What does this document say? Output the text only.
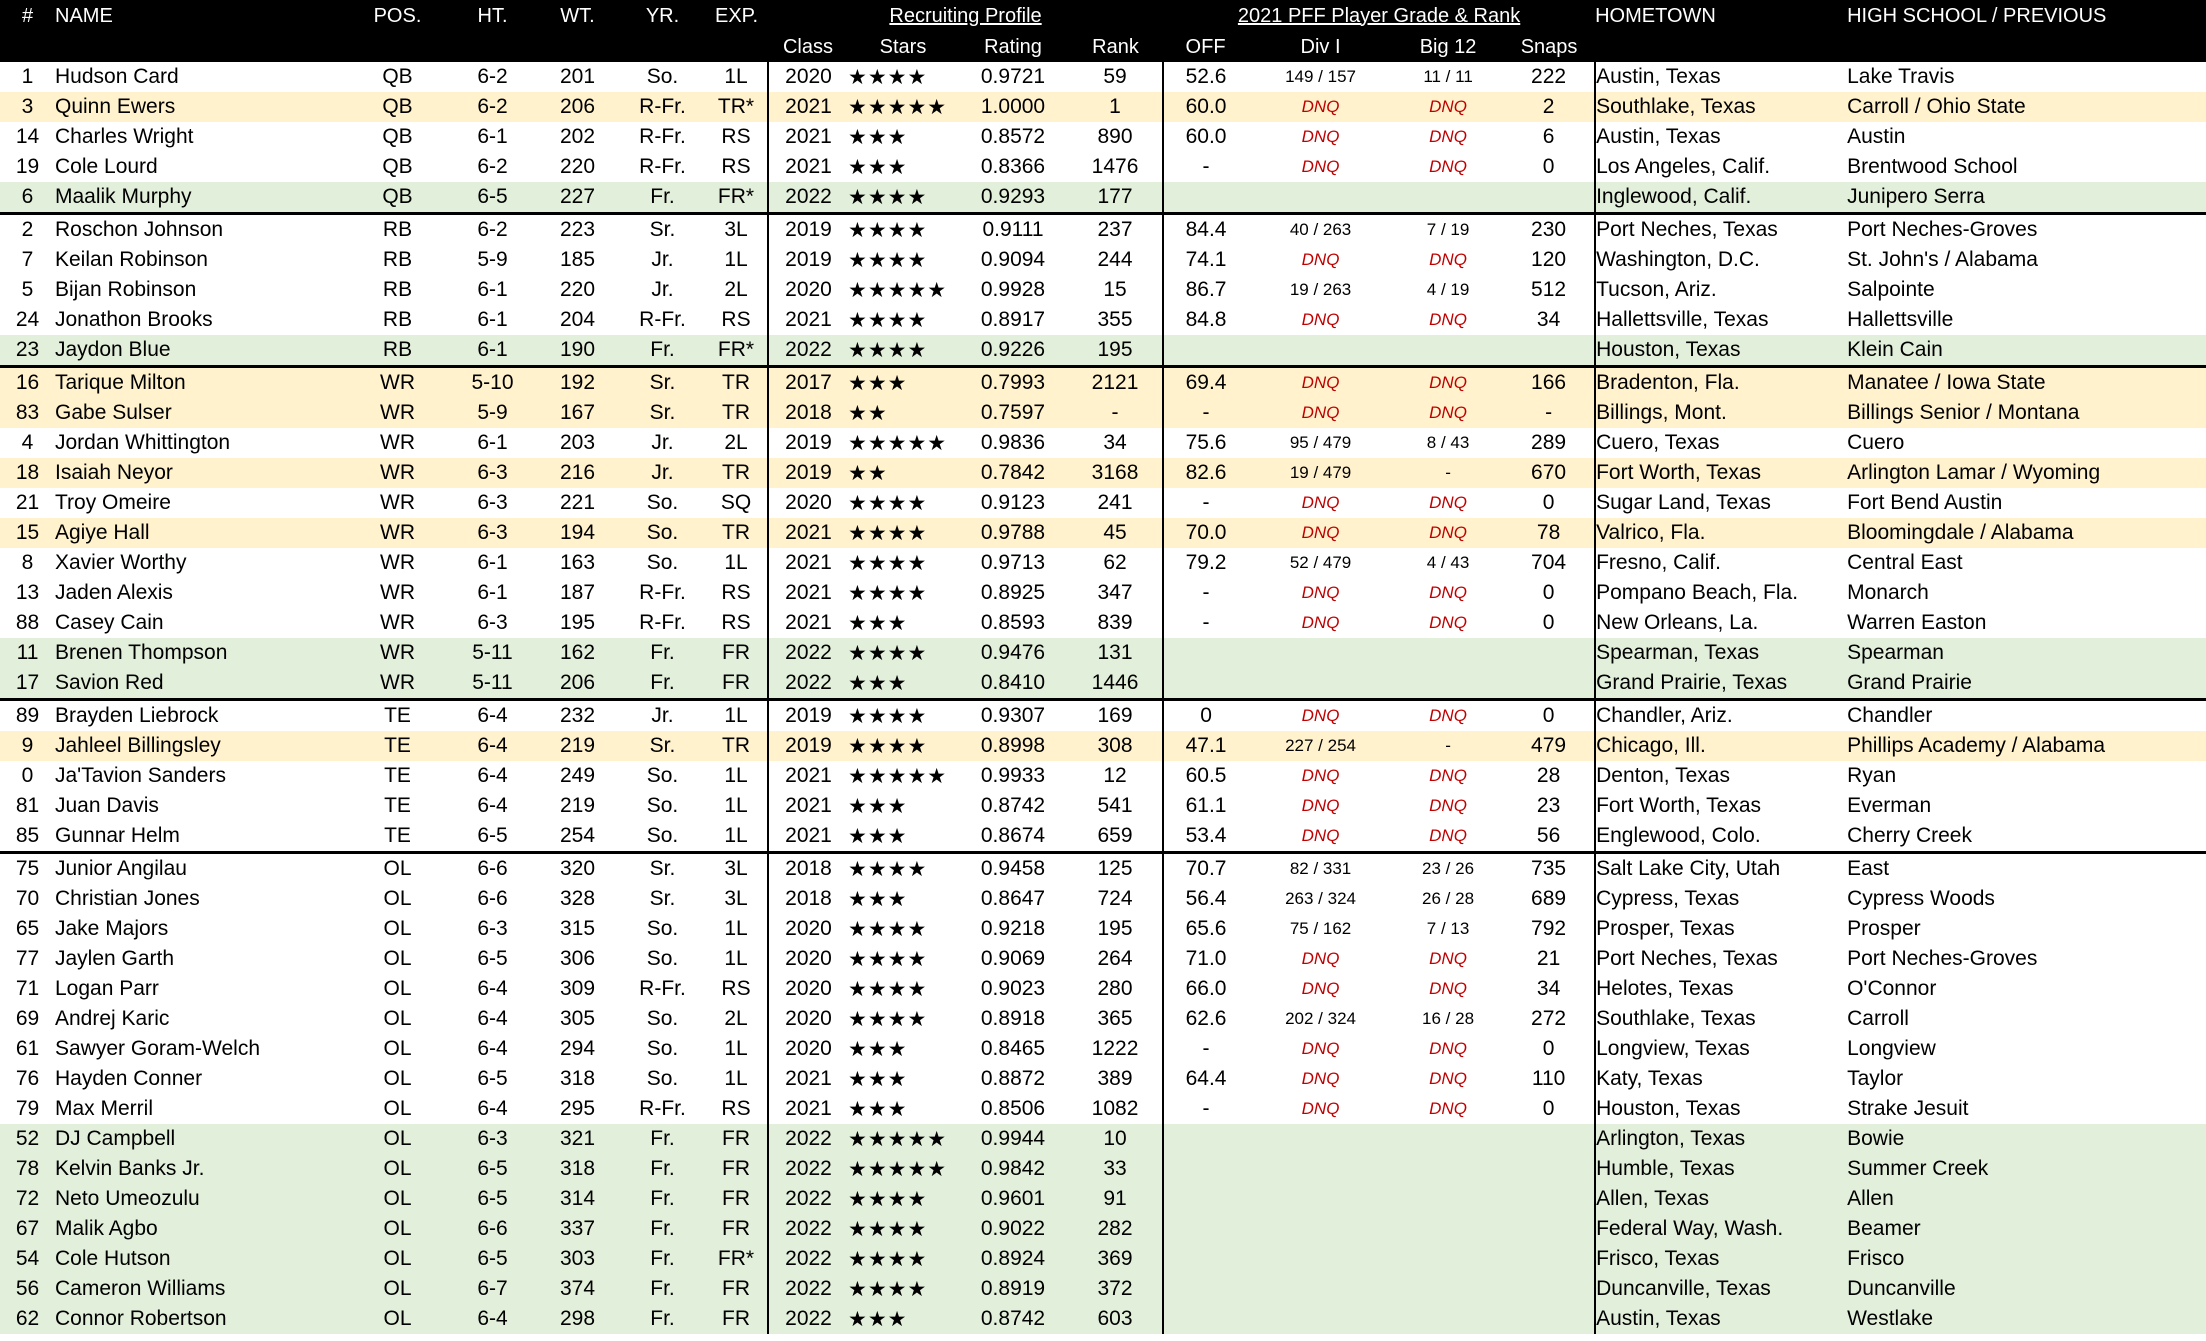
#	NAME	POS.	HT.	WT.	YR.	EXP.	Recruiting Profile				2021 PFF Player Grade & Rank				HOMETOWN	HIGH SCHOOL / PREVIOUS
							Class	Stars	Rating	Rank	OFF	Div I	Big 12	Snaps		
1	Hudson Card	QB	6-2	201	So.	1L	2020	★★★★	0.9721	59	52.6	149 / 157	11 / 11	222	Austin, Texas	Lake Travis
3	Quinn Ewers	QB	6-2	206	R-Fr.	TR*	2021	★★★★★	1.0000	1	60.0	DNQ	DNQ	2	Southlake, Texas	Carroll / Ohio State
14	Charles Wright	QB	6-1	202	R-Fr.	RS	2021	★★★	0.8572	890	60.0	DNQ	DNQ	6	Austin, Texas	Austin
19	Cole Lourd	QB	6-2	220	R-Fr.	RS	2021	★★★	0.8366	1476	-	DNQ	DNQ	0	Los Angeles, Calif.	Brentwood School
6	Maalik Murphy	QB	6-5	227	Fr.	FR*	2022	★★★★	0.9293	177					Inglewood, Calif.	Junipero Serra
2	Roschon Johnson	RB	6-2	223	Sr.	3L	2019	★★★★	0.9111	237	84.4	40 / 263	7 / 19	230	Port Neches, Texas	Port Neches-Groves
7	Keilan Robinson	RB	5-9	185	Jr.	1L	2019	★★★★	0.9094	244	74.1	DNQ	DNQ	120	Washington, D.C.	St. John's / Alabama
5	Bijan Robinson	RB	6-1	220	Jr.	2L	2020	★★★★★	0.9928	15	86.7	19 / 263	4 / 19	512	Tucson, Ariz.	Salpointe
24	Jonathon Brooks	RB	6-1	204	R-Fr.	RS	2021	★★★★	0.8917	355	84.8	DNQ	DNQ	34	Hallettsville, Texas	Hallettsville
23	Jaydon Blue	RB	6-1	190	Fr.	FR*	2022	★★★★	0.9226	195					Houston, Texas	Klein Cain
16	Tarique Milton	WR	5-10	192	Sr.	TR	2017	★★★	0.7993	2121	69.4	DNQ	DNQ	166	Bradenton, Fla.	Manatee / Iowa State
83	Gabe Sulser	WR	5-9	167	Sr.	TR	2018	★★	0.7597	-	-	DNQ	DNQ	-	Billings, Mont.	Billings Senior / Montana
4	Jordan Whittington	WR	6-1	203	Jr.	2L	2019	★★★★★	0.9836	34	75.6	95 / 479	8 / 43	289	Cuero, Texas	Cuero
18	Isaiah Neyor	WR	6-3	216	Jr.	TR	2019	★★	0.7842	3168	82.6	19 / 479	-	670	Fort Worth, Texas	Arlington Lamar / Wyoming
21	Troy Omeire	WR	6-3	221	So.	SQ	2020	★★★★	0.9123	241	-	DNQ	DNQ	0	Sugar Land, Texas	Fort Bend Austin
15	Agiye Hall	WR	6-3	194	So.	TR	2021	★★★★	0.9788	45	70.0	DNQ	DNQ	78	Valrico, Fla.	Bloomingdale / Alabama
8	Xavier Worthy	WR	6-1	163	So.	1L	2021	★★★★	0.9713	62	79.2	52 / 479	4 / 43	704	Fresno, Calif.	Central East
13	Jaden Alexis	WR	6-1	187	R-Fr.	RS	2021	★★★★	0.8925	347	-	DNQ	DNQ	0	Pompano Beach, Fla.	Monarch
88	Casey Cain	WR	6-3	195	R-Fr.	RS	2021	★★★	0.8593	839	-	DNQ	DNQ	0	New Orleans, La.	Warren Easton
11	Brenen Thompson	WR	5-11	162	Fr.	FR	2022	★★★★	0.9476	131					Spearman, Texas	Spearman
17	Savion Red	WR	5-11	206	Fr.	FR	2022	★★★	0.8410	1446					Grand Prairie, Texas	Grand Prairie
89	Brayden Liebrock	TE	6-4	232	Jr.	1L	2019	★★★★	0.9307	169	0	DNQ	DNQ	0	Chandler, Ariz.	Chandler
9	Jahleel Billingsley	TE	6-4	219	Sr.	TR	2019	★★★★	0.8998	308	47.1	227 / 254	-	479	Chicago, Ill.	Phillips Academy / Alabama
0	Ja'Tavion Sanders	TE	6-4	249	So.	1L	2021	★★★★★	0.9933	12	60.5	DNQ	DNQ	28	Denton, Texas	Ryan
81	Juan Davis	TE	6-4	219	So.	1L	2021	★★★	0.8742	541	61.1	DNQ	DNQ	23	Fort Worth, Texas	Everman
85	Gunnar Helm	TE	6-5	254	So.	1L	2021	★★★	0.8674	659	53.4	DNQ	DNQ	56	Englewood, Colo.	Cherry Creek
75	Junior Angilau	OL	6-6	320	Sr.	3L	2018	★★★★	0.9458	125	70.7	82 / 331	23 / 26	735	Salt Lake City, Utah	East
70	Christian Jones	OL	6-6	328	Sr.	3L	2018	★★★	0.8647	724	56.4	263 / 324	26 / 28	689	Cypress, Texas	Cypress Woods
65	Jake Majors	OL	6-3	315	So.	1L	2020	★★★★	0.9218	195	65.6	75 / 162	7 / 13	792	Prosper, Texas	Prosper
77	Jaylen Garth	OL	6-5	306	So.	1L	2020	★★★★	0.9069	264	71.0	DNQ	DNQ	21	Port Neches, Texas	Port Neches-Groves
71	Logan Parr	OL	6-4	309	R-Fr.	RS	2020	★★★★	0.9023	280	66.0	DNQ	DNQ	34	Helotes, Texas	O'Connor
69	Andrej Karic	OL	6-4	305	So.	2L	2020	★★★★	0.8918	365	62.6	202 / 324	16 / 28	272	Southlake, Texas	Carroll
61	Sawyer Goram-Welch	OL	6-4	294	So.	1L	2020	★★★	0.8465	1222	-	DNQ	DNQ	0	Longview, Texas	Longview
76	Hayden Conner	OL	6-5	318	So.	1L	2021	★★★	0.8872	389	64.4	DNQ	DNQ	110	Katy, Texas	Taylor
79	Max Merril	OL	6-4	295	R-Fr.	RS	2021	★★★	0.8506	1082	-	DNQ	DNQ	0	Houston, Texas	Strake Jesuit
52	DJ Campbell	OL	6-3	321	Fr.	FR	2022	★★★★★	0.9944	10					Arlington, Texas	Bowie
78	Kelvin Banks Jr.	OL	6-5	318	Fr.	FR	2022	★★★★★	0.9842	33					Humble, Texas	Summer Creek
72	Neto Umeozulu	OL	6-5	314	Fr.	FR	2022	★★★★	0.9601	91					Allen, Texas	Allen
67	Malik Agbo	OL	6-6	337	Fr.	FR	2022	★★★★	0.9022	282					Federal Way, Wash.	Beamer
54	Cole Hutson	OL	6-5	303	Fr.	FR*	2022	★★★★	0.8924	369					Frisco, Texas	Frisco
56	Cameron Williams	OL	6-7	374	Fr.	FR	2022	★★★★	0.8919	372					Duncanville, Texas	Duncanville
62	Connor Robertson	OL	6-4	298	Fr.	FR	2022	★★★	0.8742	603					Austin, Texas	Westlake
